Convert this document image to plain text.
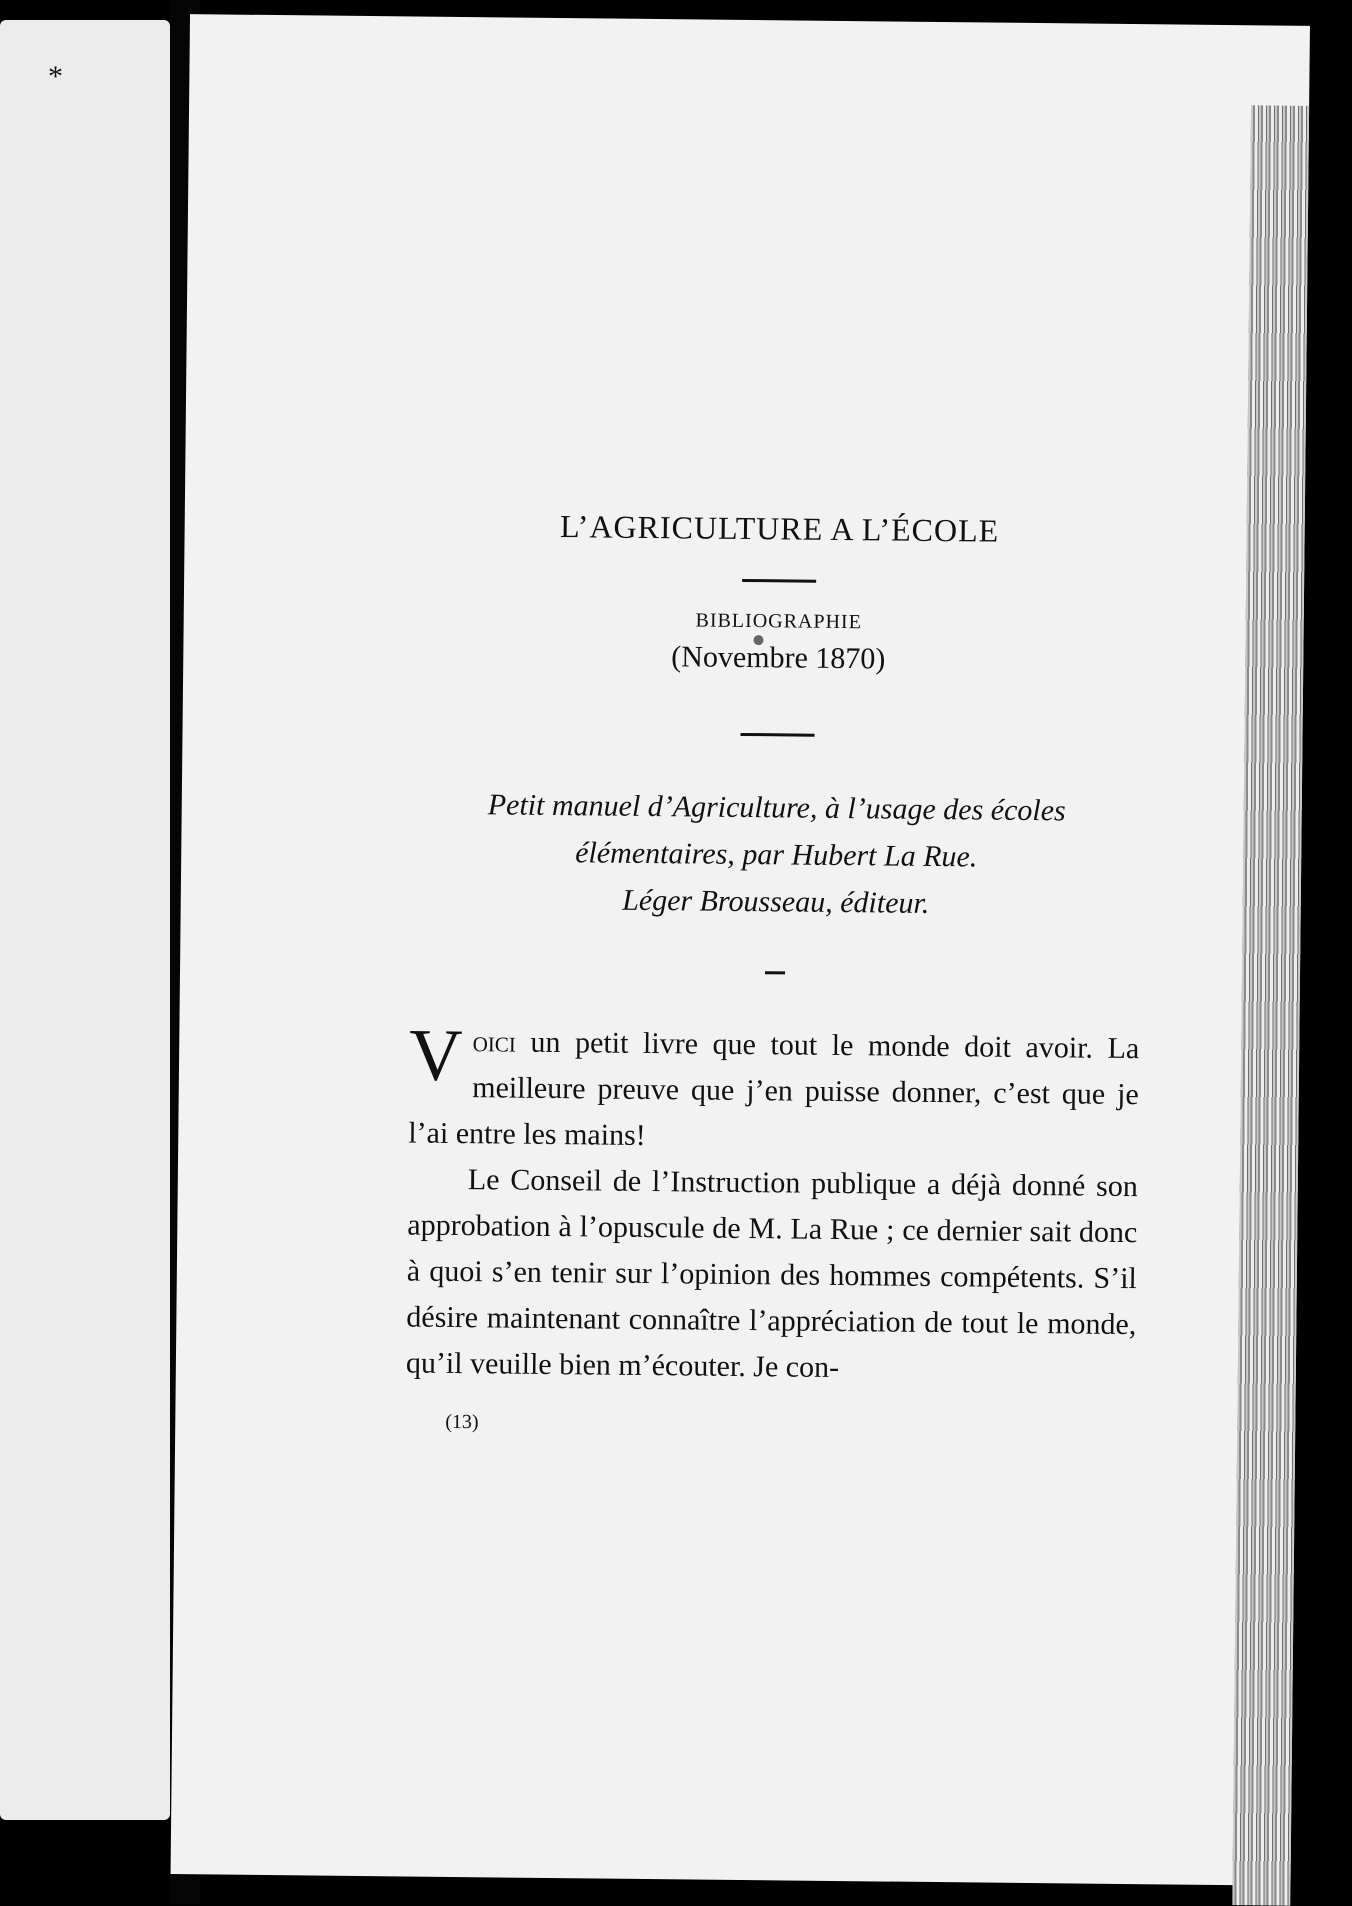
*
L’AGRICULTURE A L’ÉCOLE

BIBLIOGRAPHIE

(Novembre 1870)

Petit manuel d’Agriculture, à l’usage des écoles
élémentaires, par Hubert La Rue.
Léger Brousseau, éditeur.

Voici un petit livre que tout le monde doit avoir. La meilleure preuve que j’en puisse donner, c’est que je l’ai entre les mains!

Le Conseil de l’Instruction publique a déjà donné son approbation à l’opuscule de M. La Rue ; ce dernier sait donc à quoi s’en tenir sur l’opinion des hommes compétents. S’il désire maintenant connaître l’appréciation de tout le monde, qu’il veuille bien m’écouter. Je con-

(13)
